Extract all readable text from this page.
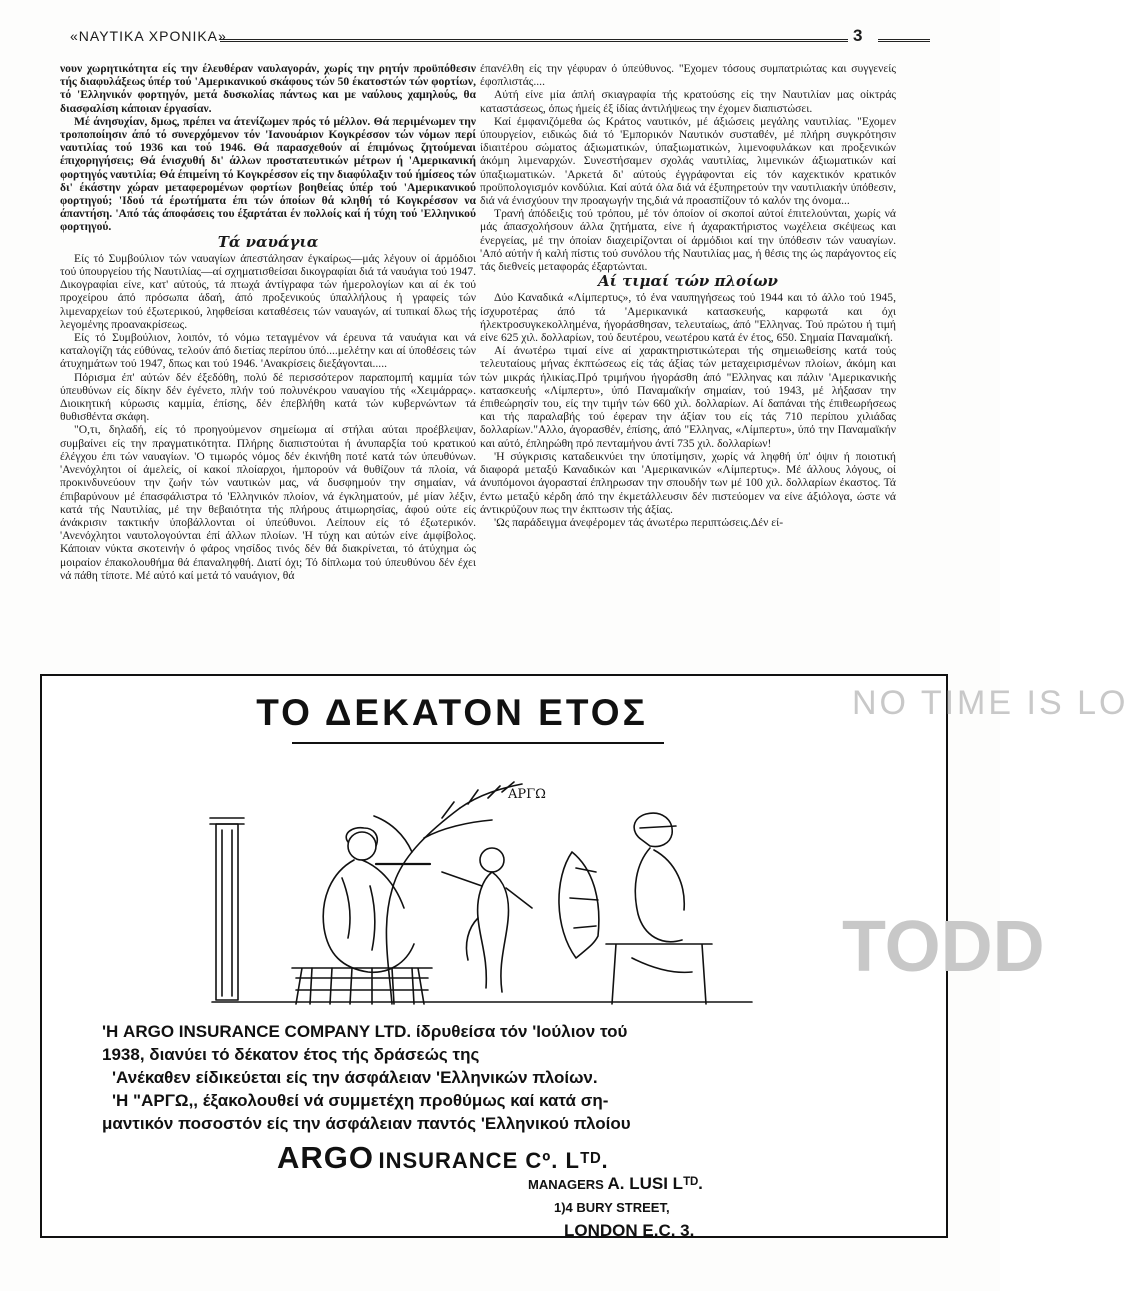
«ΝΑΥΤΙΚΑ ΧΡΟΝΙΚΑ»	3

νουν χωρητικότητα είς την έλευθέραν ναυλαγοράν, χωρίς την ρητήν προϋπόθεσιν τής διαφυλάξεως ύπέρ τού 'Αμερικανικού σκάφους τών 50 έκατοστών τών φορτίων, τό 'Ελληνικόν φορτηγόν, μετά δυσκολίας πάντως και με ναύλους χαμηλούς, θα διασφαλίση κάποιαν έργασίαν.

Μέ άνησυχίαν, δμως, πρέπει να άτενίζωμεν πρός τό μέλλον. Θά περιμένωμεν την τροποποίησιν άπό τό συνερχόμενον τόν 'Ιανουάριον Κογκρέσσον τών νόμων περί ναυτιλίας τού 1936 και τού 1946. Θά παρασχεθούν αί έπιμόνως ζητούμεναι έπιχορηγήσεις; Θά ένισχυθή δι' άλλων προστατευτικών μέτρων ή 'Αμερικανική φορτηγός ναυτιλία; Θά έπιμείνη τό Κογκρέσσον είς την διαφύλαξιν τού ήμίσεος τών δι' έκάστην χώραν μεταφερομένων φορτίων βοηθείας ύπέρ τού 'Αμερικανικού φορτηγού; 'Ιδού τά έρωτήματα έπι τών όποίων θά κληθή τό Κογκρέσσον να άπαντήση. 'Από τάς άποφάσεις του έξαρτάται έν πολλοίς καί ή τύχη τού 'Ελληνικού φορτηγού.

Τά ναυάγια

Είς τό Συμβούλιον τών ναυαγίων άπεστάλησαν έγκαίρως—μάς λέγουν οί άρμόδιοι τού ύπουργείου τής Ναυτιλίας—αί σχηματισθείσαι δικογραφίαι διά τά ναυάγια τού 1947. Δικογραφίαι είνε, κατ' αύτούς, τά πτωχά άντίγραφα τών ήμερολογίων και αί έκ τού προχείρου άπό πρόσωπα άδαή, άπό προξενικούς ύπαλλήλους ή γραφείς τών λιμεναρχείων τού έξωτερικού, ληφθείσαι καταθέσεις τών ναυαγών, αί τυπικαί δλως τής λεγομένης προανακρίσεως.

Είς τό Συμβούλιον, λοιπόν, τό νόμω τεταγμένον νά έρευνα τά ναυάγια και νά καταλογίζη τάς εύθύνας, τελούν άπό διετίας περίπου ύπό....μελέτην και αί ύποθέσεις τών άτυχημάτων τού 1947, δπως και τού 1946. 'Ανακρίσεις διεξάγονται.....

Πόρισμα έπ' αύτών δέν έξεδόθη, πολύ δέ περισσότερον παραπομπή καμμία τών ύπευθύνων είς δίκην δέν έγένετο, πλήν τού πολυνέκρου ναυαγίου τής «Χειμάρρας». Διοικητική κύρωσις καμμία, έπίσης, δέν έπεβλήθη κατά τών κυβερνώντων τά θυθισθέντα σκάφη.

"Ο,τι, δηλαδή, είς τό προηγούμενον σημείωμα αί στήλαι αύται προέβλεψαν, συμβαίνει είς την πραγματικότητα. Πλήρης διαπιστούται ή άνυπαρξία τού κρατικού έλέγχου έπι τών ναυαγίων. 'Ο τιμωρός νόμος δέν έκινήθη ποτέ κατά τών ύπευθύνων. 'Ανενόχλητοι οί άμελείς, οί κακοί πλοίαρχοι, ήμπορούν νά θυθίζουν τά πλοία, νά προκινδυνεύουν την ζωήν τών ναυτικών μας, νά δυσφημούν την σημαίαν, νά έπιβαρύνουν μέ έπασφάλιστρα τό 'Ελληνικόν πλοίον, νά έγκληματούν, μέ μίαν λέξιν, κατά τής Ναυτιλίας, μέ την θεβαιότητα τής πλήρους άτιμωρησίας, άφού ούτε είς άνάκρισιν τακτικήν ύποβάλλονται οί ύπεύθυνοι. Λείπουν είς τό έξωτερικόν. 'Ανενόχλητοι ναυτολογούνται έπί άλλων πλοίων. 'Η τύχη και αύτών είνε άμφίβολος. Κάποιαν νύκτα σκοτεινήν ό φάρος νησίδος τινός δέν θά διακρίνεται, τό άτύχημα ώς μοιραίον έπακολουθήμα θά έπαναληφθή. Διατί όχι; Τό δίπλωμα τού ύπευθύνου δέν έχει νά πάθη τίποτε. Μέ αύτό καί μετά τό ναυάγιον, θά

έπανέλθη είς την γέφυραν ό ύπεύθυνος. "Εχομεν τόσους συμπατριώτας και συγγενείς έφοπλιστάς....

Αύτή είνε μία άπλή σκιαγραφία τής κρατούσης είς την Ναυτιλίαν μας οίκτράς καταστάσεως, όπως ήμείς έξ ίδίας άντιλήψεως την έχομεν διαπιστώσει.

Καί έμφανιζόμεθα ώς Κράτος ναυτικόν, μέ άξιώσεις μεγάλης ναυτιλίας. "Εχομεν ύπουργείον, ειδικώς διά τό 'Εμπορικόν Ναυτικόν συσταθέν, μέ πλήρη συγκρότησιν ίδιαιτέρου σώματος άξιωματικών, ύπαξιωματικών, λιμενοφυλάκων και προξενικών άκόμη λιμεναρχών. Συνεστήσαμεν σχολάς ναυτιλίας, λιμενικών άξιωματικών καί ύπαξιωματικών. 'Αρκετά δι' αύτούς έγγράφονται είς τόν καχεκτικόν κρατικόν προϋπολογισμόν κονδύλια. Καί αύτά όλα διά νά έξυπηρετούν την ναυτιλιακήν ύπόθεσιν, διά νά ένισχύουν την προαγωγήν της,διά νά προασπίζουν τό καλόν της όνομα...

Τρανή άπόδειξις τού τρόπου, μέ τόν όποίον οί σκοποί αύτοί έπιτελούνται, χωρίς νά μάς άπασχολήσουν άλλα ζητήματα, είνε ή άχαρακτήριστος νωχέλεια σκέψεως και ένεργείας, μέ την όποίαν διαχειρίζονται οί άρμόδιοι καί την ύπόθεσιν τών ναυαγίων. 'Από αύτήν ή καλή πίστις τού συνόλου τής Ναυτιλίας μας, ή θέσις της ώς παράγοντος είς τάς διεθνείς μεταφοράς έξαρτώνται.

Αί τιμαί τών πλοίων

Δύο Καναδικά «Λίμπερτυς», τό ένα ναυπηγήσεως τού 1944 και τό άλλο τού 1945, ίσχυροτέρας άπό τά 'Αμερικανικά κατασκευής, καρφωτά και όχι ήλεκτροσυγκεκολλημένα, ήγοράσθησαν, τελευταίως, άπό "Ελληνας. Τού πρώτου ή τιμή είνε 625 χιλ. δολλαρίων, τού δευτέρου, νεωτέρου κατά έν έτος, 650. Σημαία Παναμαϊκή.

Αί άνωτέρω τιμαί είνε αί χαρακτηριστικώτεραι τής σημειωθείσης κατά τούς τελευταίους μήνας έκπτώσεως είς τάς άξίας τών μεταχειρισμένων πλοίων, άκόμη και τών μικράς ήλικίας.Πρό τριμήνου ήγοράσθη άπό "Ελληνας και πάλιν 'Αμερικανικής κατασκευής «Λίμπερτυ», ύπό Παναμαϊκήν σημαίαν, τού 1943, μέ λήξασαν την έπιθεώρησίν του, είς την τιμήν τών 660 χιλ. δολλαρίων. Αί δαπάναι τής έπιθεωρήσεως και τής παραλαβής τού έφεραν την άξίαν του είς τάς 710 περίπου χιλιάδας δολλαρίων."Αλλο, άγορασθέν, έπίσης, άπό "Ελληνας, «Λίμπερτυ», ύπό την Παναμαϊκήν και αύτό, έπληρώθη πρό πενταμήνου άντί 735 χιλ. δολλαρίων!

'Η σύγκρισις καταδεικνύει την ύποτίμησιν, χωρίς νά ληφθή ύπ' όψιν ή ποιοτική διαφορά μεταξύ Καναδικών και 'Αμερικανικών «Λίμπερτυς». Μέ άλλους λόγους, οί άνυπόμονοι άγορασταί έπληρωσαν την σπουδήν των μέ 100 χιλ. δολλαρίων έκαστος. Τά έντω μεταξύ κέρδη άπό την έκμετάλλευσιν δέν πιστεύομεν να είνε άξιόλογα, ώστε νά άντικρύζουν πως την έκπτωσιν τής άξίας.

'Ως παράδειγμα άνεφέρομεν τάς άνωτέρω περιπτώσεις.Δέν εί-

NO TIME IS LO
TODD
ΤΟ ΔΕΚΑΤΟΝ ΕΤΟΣ
ΑΡΓΩ
'Η ARGO INSURANCE COMPANY LTD. ίδρυθείσα τόν 'Ιούλιον τού
1938, διανύει τό δέκατον έτος τής δράσεώς της
'Ανέκαθεν είδικεύεται είς την άσφάλειαν 'Ελληνικών πλοίων.
'Η "ΑΡΓΩ,, έξακολουθεί νά συμμετέχη προθύμως καί κατά ση-
μαντικόν ποσοστόν είς την άσφάλειαν παντός 'Ελληνικού πλοίου
ARGO INSURANCE Cº. Lᵀᴰ.
MANAGERS A. LUSI Lᵀᴰ.
1)4 BURY STREET,
LONDON E.C. 3.
